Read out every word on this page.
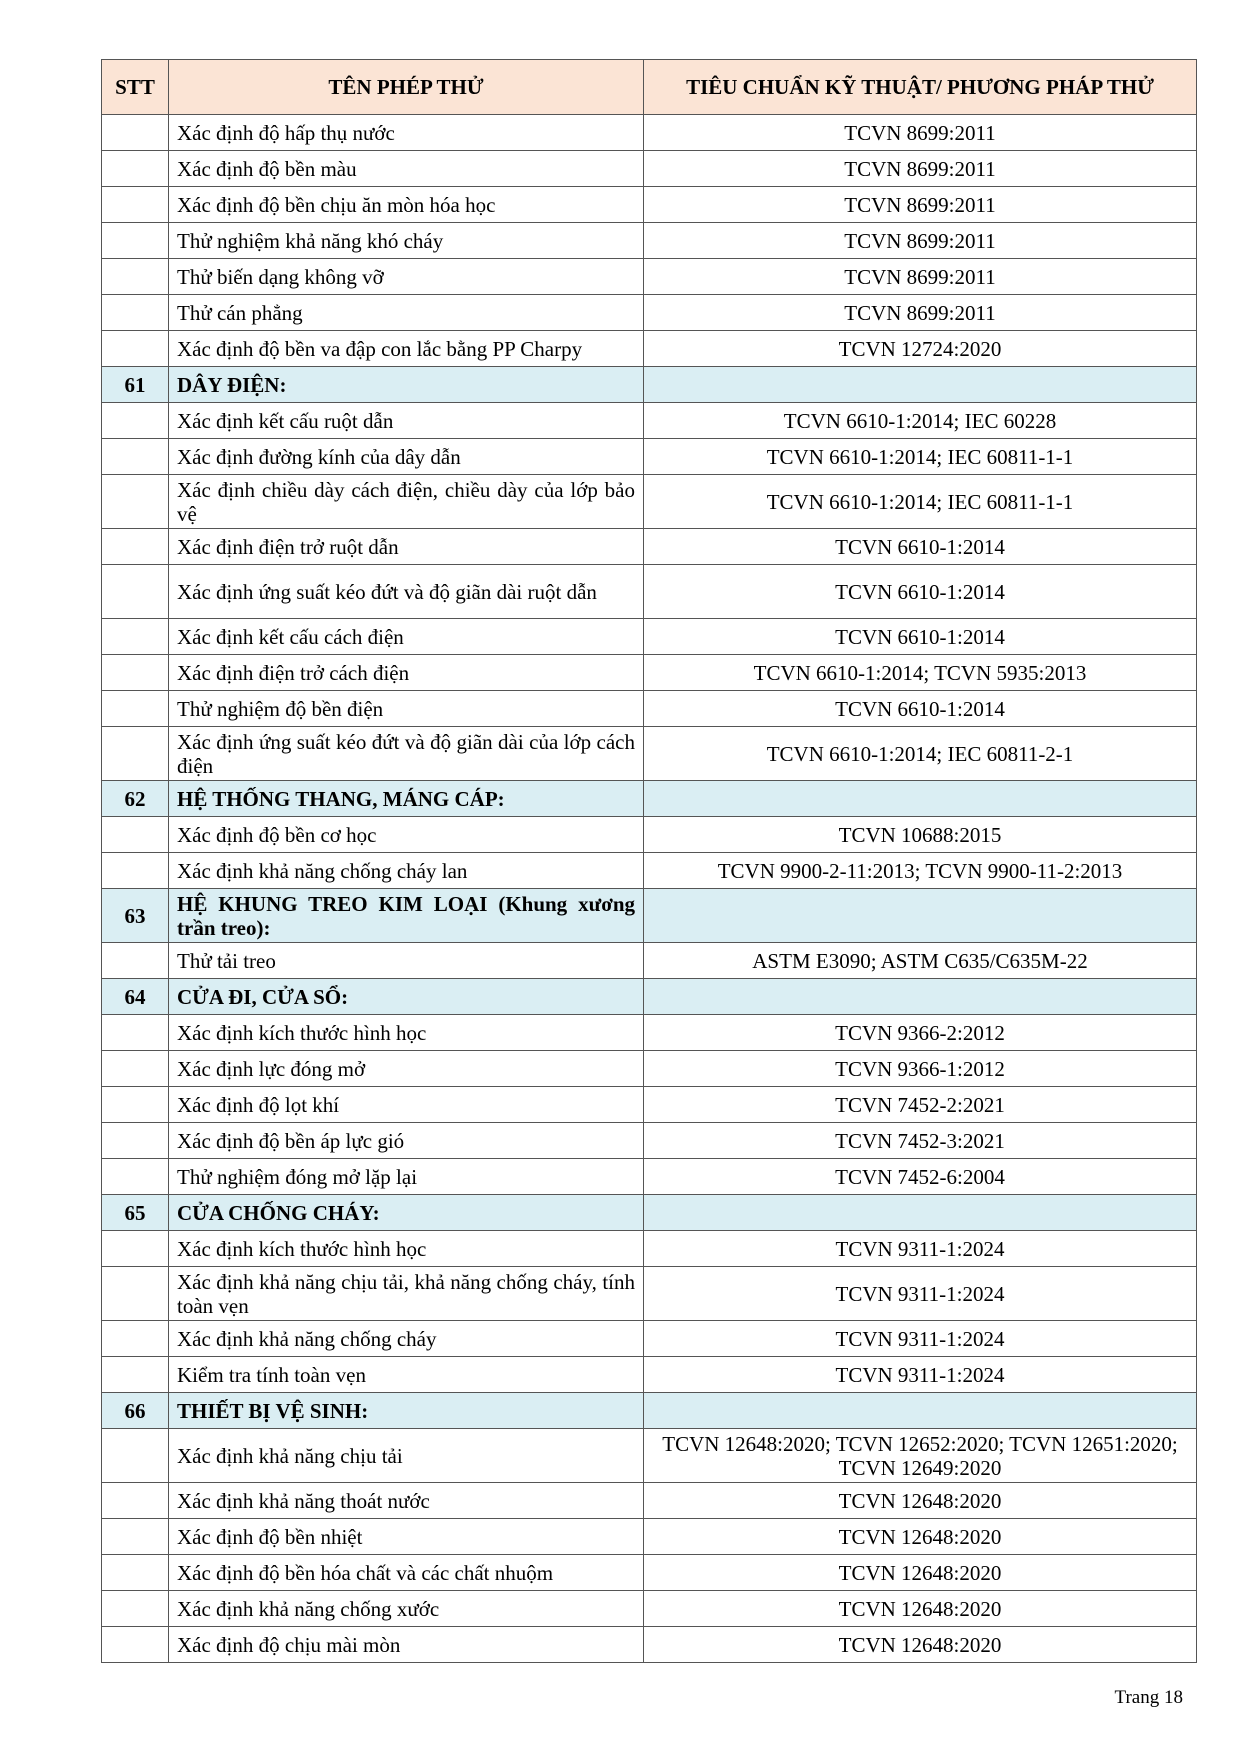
STT	TÊN PHÉP THỬ	TIÊU CHUẨN KỸ THUẬT/ PHƯƠNG PHÁP THỬ
	Xác định độ hấp thụ nước	TCVN 8699:2011
	Xác định độ bền màu	TCVN 8699:2011
	Xác định độ bền chịu ăn mòn hóa học	TCVN 8699:2011
	Thử nghiệm khả năng khó cháy	TCVN 8699:2011
	Thử biến dạng không vỡ	TCVN 8699:2011
	Thử cán phẳng	TCVN 8699:2011
	Xác định độ bền va đập con lắc bằng PP Charpy	TCVN 12724:2020
61	DÂY ĐIỆN:	
	Xác định kết cấu ruột dẫn	TCVN 6610-1:2014; IEC 60228
	Xác định đường kính của dây dẫn	TCVN 6610-1:2014; IEC 60811-1-1
	Xác định chiều dày cách điện, chiều dày của lớp bảo vệ	TCVN 6610-1:2014; IEC 60811-1-1
	Xác định điện trở ruột dẫn	TCVN 6610-1:2014
	Xác định ứng suất kéo đứt và độ giãn dài ruột dẫn	TCVN 6610-1:2014
	Xác định kết cấu cách điện	TCVN 6610-1:2014
	Xác định điện trở cách điện	TCVN 6610-1:2014; TCVN 5935:2013
	Thử nghiệm độ bền điện	TCVN 6610-1:2014
	Xác định ứng suất kéo đứt và độ giãn dài của lớp cách điện	TCVN 6610-1:2014; IEC 60811-2-1
62	HỆ THỐNG THANG, MÁNG CÁP:	
	Xác định độ bền cơ học	TCVN 10688:2015
	Xác định khả năng chống cháy lan	TCVN 9900-2-11:2013; TCVN 9900-11-2:2013
63	HỆ KHUNG TREO KIM LOẠI (Khung xương trần treo):	
	Thử tải treo	ASTM E3090; ASTM C635/C635M-22
64	CỬA ĐI, CỬA SỔ:	
	Xác định kích thước hình học	TCVN 9366-2:2012
	Xác định lực đóng mở	TCVN 9366-1:2012
	Xác định độ lọt khí	TCVN 7452-2:2021
	Xác định độ bền áp lực gió	TCVN 7452-3:2021
	Thử nghiệm đóng mở lặp lại	TCVN 7452-6:2004
65	CỬA CHỐNG CHÁY:	
	Xác định kích thước hình học	TCVN 9311-1:2024
	Xác định khả năng chịu tải, khả năng chống cháy, tính toàn vẹn	TCVN 9311-1:2024
	Xác định khả năng chống cháy	TCVN 9311-1:2024
	Kiểm tra tính toàn vẹn	TCVN 9311-1:2024
66	THIẾT BỊ VỆ SINH:	
	Xác định khả năng chịu tải	TCVN 12648:2020; TCVN 12652:2020; TCVN 12651:2020; TCVN 12649:2020
	Xác định khả năng thoát nước	TCVN 12648:2020
	Xác định độ bền nhiệt	TCVN 12648:2020
	Xác định độ bền hóa chất và các chất nhuộm	TCVN 12648:2020
	Xác định khả năng chống xước	TCVN 12648:2020
	Xác định độ chịu mài mòn	TCVN 12648:2020
Trang 18
